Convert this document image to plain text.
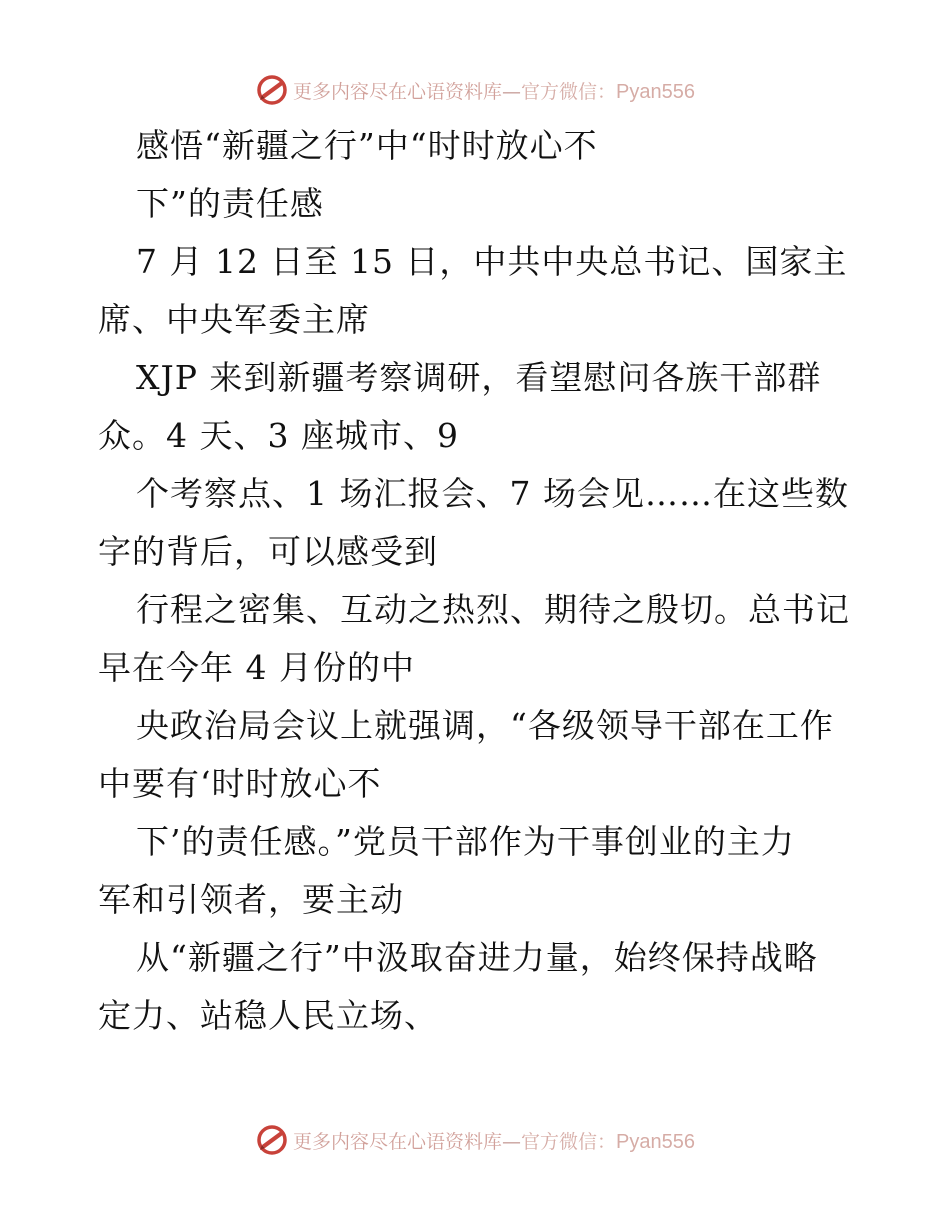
更多内容尽在心语资料库—官方微信：Pyan556
感悟“新疆之行”中“时时放心不
下”的责任感
7 月 12 日至 15 日，中共中央总书记、国家主
席、中央军委主席
XJP 来到新疆考察调研，看望慰问各族干部群
众。4 天、3 座城市、9
个考察点、1 场汇报会、7 场会见……在这些数
字的背后，可以感受到
行程之密集、互动之热烈、期待之殷切。总书记
早在今年 4 月份的中
央政治局会议上就强调，“各级领导干部在工作
中要有‘时时放心不
下’的责任感。”党员干部作为干事创业的主力
军和引领者，要主动
从“新疆之行”中汲取奋进力量，始终保持战略
定力、站稳人民立场、
更多内容尽在心语资料库—官方微信：Pyan556
